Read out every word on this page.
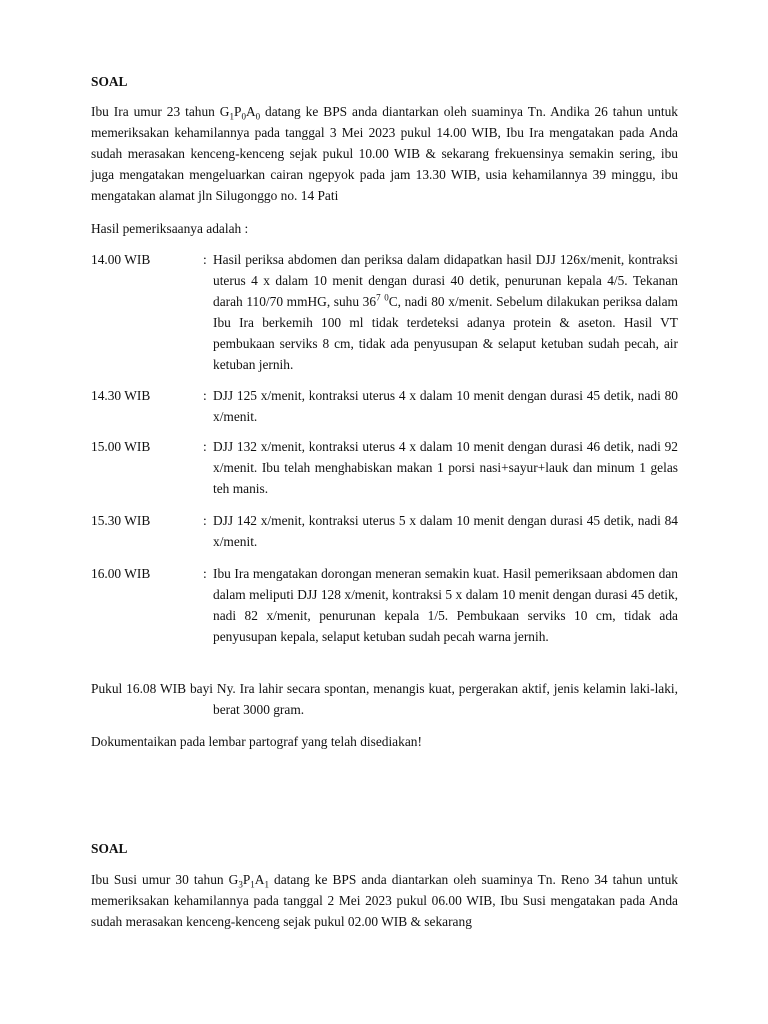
SOAL
Ibu Ira umur 23 tahun $G_1P_0A_0$ datang ke BPS anda diantarkan oleh suaminya Tn. Andika 26 tahun untuk memeriksakan kehamilannya pada tanggal 3 Mei 2023 pukul 14.00 WIB, Ibu Ira mengatakan pada Anda sudah merasakan kenceng-kenceng sejak pukul 10.00 WIB & sekarang frekuensinya semakin sering, ibu juga mengatakan mengeluarkan cairan ngepyok pada jam 13.30 WIB, usia kehamilannya 39 minggu, ibu mengatakan alamat jln Silugonggo no. 14 Pati
Hasil pemeriksaanya adalah :
14.00 WIB	: Hasil periksa abdomen dan periksa dalam didapatkan hasil DJJ 126x/menit, kontraksi uterus 4 x dalam 10 menit dengan durasi 40 detik, penurunan kepala 4/5. Tekanan darah 110/70 mmHG, suhu $36^7$ $^0$C, nadi 80 x/menit. Sebelum dilakukan periksa dalam Ibu Ira berkemih 100 ml tidak terdeteksi adanya protein & aseton. Hasil VT pembukaan serviks 8 cm, tidak ada penyusupan & selaput ketuban sudah pecah, air ketuban jernih.
14.30 WIB	: DJJ 125 x/menit, kontraksi uterus 4 x dalam 10 menit dengan durasi 45 detik, nadi 80 x/menit.
15.00 WIB	: DJJ 132 x/menit, kontraksi uterus 4 x dalam 10 menit dengan durasi 46 detik, nadi 92 x/menit. Ibu telah menghabiskan makan 1 porsi nasi+sayur+lauk dan minum 1 gelas teh manis.
15.30 WIB	: DJJ 142 x/menit, kontraksi uterus 5 x dalam 10 menit dengan durasi 45 detik, nadi 84 x/menit.
16.00 WIB	: Ibu Ira mengatakan dorongan meneran semakin kuat. Hasil pemeriksaan abdomen dan dalam meliputi DJJ 128 x/menit, kontraksi 5 x dalam 10 menit dengan durasi 45 detik, nadi 82 x/menit, penurunan kepala 1/5. Pembukaan serviks 10 cm, tidak ada penyusupan kepala, selaput ketuban sudah pecah warna jernih.
Pukul 16.08 WIB bayi Ny. Ira lahir secara spontan, menangis kuat, pergerakan aktif, jenis kelamin laki-laki, berat 3000 gram.
Dokumentaikan pada lembar partograf yang telah disediakan!
SOAL
Ibu Susi umur 30 tahun $G_3P_1A_1$ datang ke BPS anda diantarkan oleh suaminya Tn. Reno 34 tahun untuk memeriksakan kehamilannya pada tanggal 2 Mei 2023 pukul 06.00 WIB, Ibu Susi mengatakan pada Anda sudah merasakan kenceng-kenceng sejak pukul 02.00 WIB & sekarang
